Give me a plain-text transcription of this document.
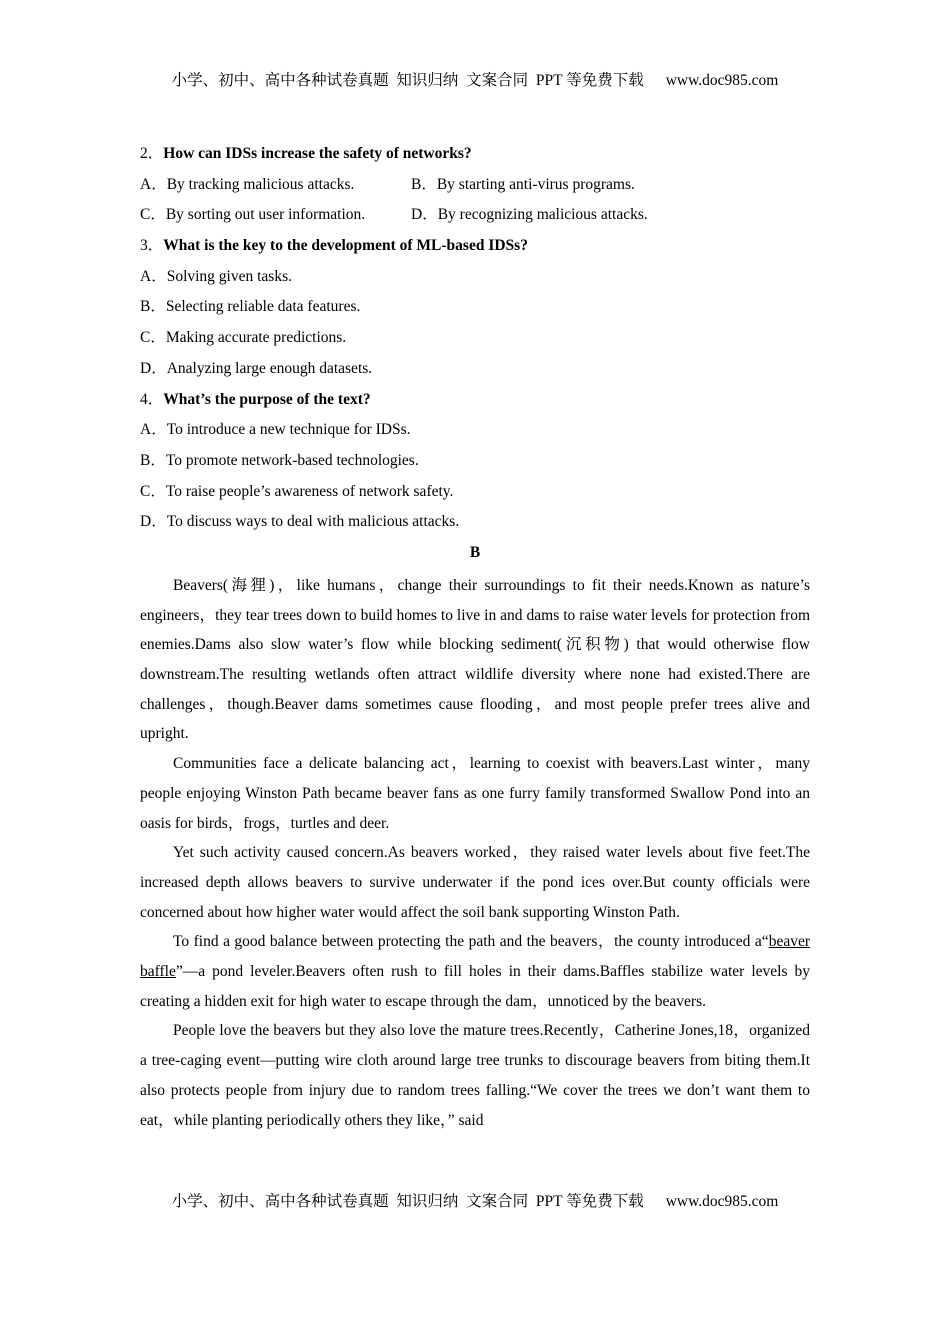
小学、初中、高中各种试卷真题  知识归纳  文案合同  PPT 等免费下载 www.doc985.com
2．How can IDSs increase the safety of networks?
A．By tracking malicious attacks.	B．By starting anti-virus programs.
C．By sorting out user information.	D．By recognizing malicious attacks.
3．What is the key to the development of ML-based IDSs?
A．Solving given tasks.
B．Selecting reliable data features.
C．Making accurate predictions.
D．Analyzing large enough datasets.
4．What’s the purpose of the text?
A．To introduce a new technique for IDSs.
B．To promote network-based technologies.
C．To raise people’s awareness of network safety.
D．To discuss ways to deal with malicious attacks.
B

Beavers(海狸)，like humans，change their surroundings to fit their needs.Known as nature’s engineers，they tear trees down to build homes to live in and dams to raise water levels for protection from enemies.Dams also slow water’s flow while blocking sediment(沉积物) that would otherwise flow downstream.The resulting wetlands often attract wildlife diversity where none had existed.There are challenges，though.Beaver dams sometimes cause flooding，and most people prefer trees alive and upright.

Communities face a delicate balancing act，learning to coexist with beavers.Last winter，many people enjoying Winston Path became beaver fans as one furry family transformed Swallow Pond into an oasis for birds，frogs，turtles and deer.

Yet such activity caused concern.As beavers worked，they raised water levels about five feet.The increased depth allows beavers to survive underwater if the pond ices over.But county officials were concerned about how higher water would affect the soil bank supporting Winston Path.

To find a good balance between protecting the path and the beavers，the county introduced a“beaver baffle”—a pond leveler.Beavers often rush to fill holes in their dams.Baffles stabilize water levels by creating a hidden exit for high water to escape through the dam，unnoticed by the beavers.

People love the beavers but they also love the mature trees.Recently，Catherine Jones,18，organized a tree-caging event—putting wire cloth around large tree trunks to discourage beavers from biting them.It also protects people from injury due to random trees falling.“We cover the trees we don’t want them to eat，while planting periodically others they like，” said

小学、初中、高中各种试卷真题  知识归纳  文案合同  PPT 等免费下载 www.doc985.com
